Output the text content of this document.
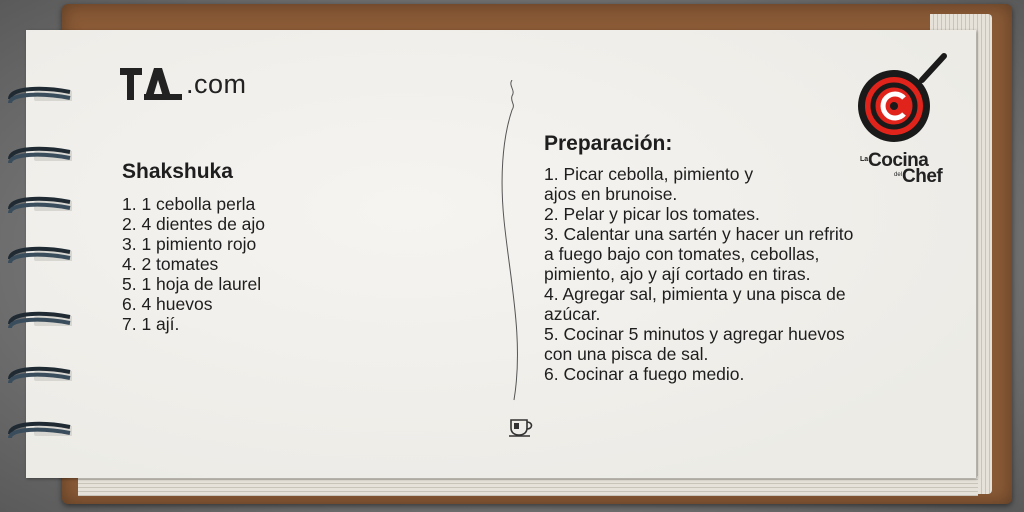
.com
Shakshuka
1. 1 cebolla perla
2. 4 dientes de ajo
3. 1 pimiento rojo
4. 2 tomates
5. 1 hoja de laurel
6. 4 huevos
7. 1 ají.
Preparación:
1. Picar cebolla, pimiento y
ajos en brunoise.
2. Pelar y picar los tomates.
3. Calentar una sartén y hacer un refrito
a fuego bajo con tomates, cebollas,
pimiento, ajo y ají cortado en tiras.
4. Agregar sal, pimienta y una pisca de
azúcar.
5. Cocinar 5 minutos y agregar huevos
con una pisca de sal.
6. Cocinar a fuego medio.
La Cocina
del Chef
